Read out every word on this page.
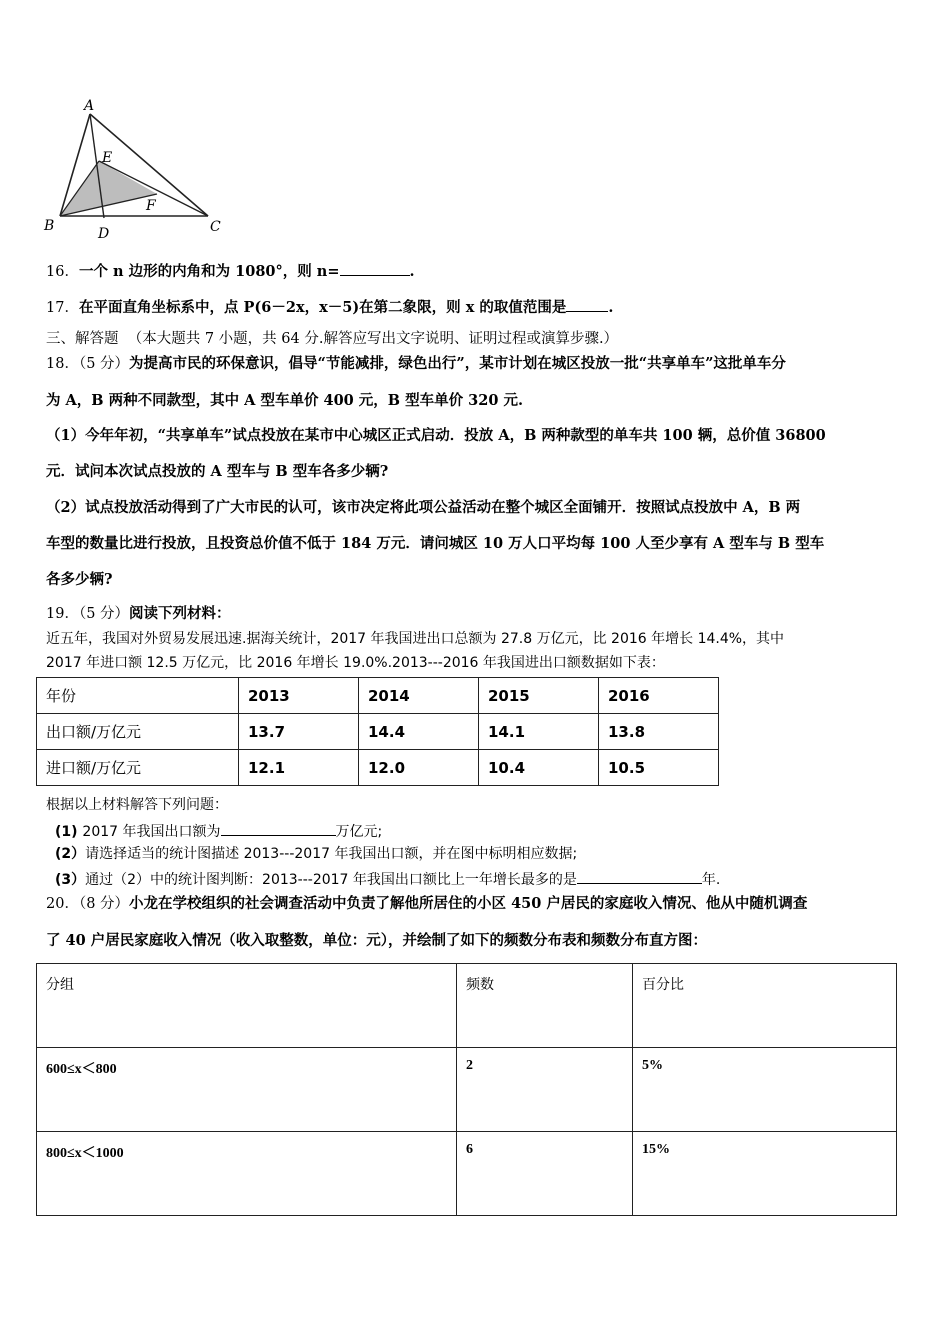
A
E
F
B	D	C
16．一个 n 边形的内角和为 1080°，则 n=	.
17．在平面直角坐标系中，点 P(6－2x，x－5)在第二象限，则 x 的取值范围是	.
三、解答题 （本大题共 7 小题，共 64 分.解答应写出文字说明、证明过程或演算步骤.）
18．（5 分）为提高市民的环保意识，倡导“节能减排，绿色出行”，某市计划在城区投放一批“共享单车”这批单车分
为 A，B 两种不同款型，其中 A 型车单价 400 元，B 型车单价 320 元.
（1）今年年初，“共享单车”试点投放在某市中心城区正式启动．投放 A，B 两种款型的单车共 100 辆，总价值 36800
元．试问本次试点投放的 A 型车与 B 型车各多少辆?
（2）试点投放活动得到了广大市民的认可，该市决定将此项公益活动在整个城区全面铺开．按照试点投放中 A，B 两
车型的数量比进行投放，且投资总价值不低于 184 万元．请问城区 10 万人口平均每 100 人至少享有 A 型车与 B 型车
各多少辆?
19．（5 分）阅读下列材料：
近五年，我国对外贸易发展迅速.据海关统计，2017 年我国进出口总额为 27.8 万亿元，比 2016 年增长 14.4%，其中
2017 年进口额 12.5 万亿元，比 2016 年增长 19.0%.2013---2016 年我国进出口额数据如下表：
年份	2013	2014	2015	2016
出口额/万亿元	13.7	14.4	14.1	13.8
进口额/万亿元	12.1	12.0	10.4	10.5
根据以上材料解答下列问题：
(1) 2017 年我国出口额为	万亿元;
(2）请选择适当的统计图描述 2013---2017 年我国出口额，并在图中标明相应数据;
(3）通过（2）中的统计图判断：2013---2017 年我国出口额比上一年增长最多的是	年.
20．（8 分）小龙在学校组织的社会调查活动中负责了解他所居住的小区 450 户居民的家庭收入情况、他从中随机调查
了 40 户居民家庭收入情况（收入取整数，单位：元），并绘制了如下的频数分布表和频数分布直方图：
分组	频数	百分比
600≤x＜800	2	5%
800≤x＜1000	6	15%
